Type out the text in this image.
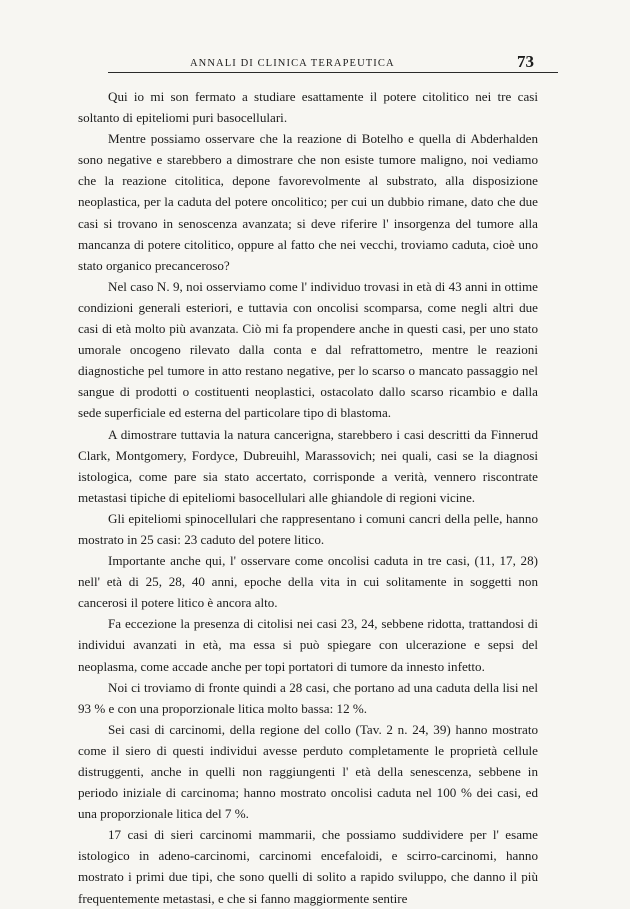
ANNALI DI CLINICA TERAPEUTICA	73

Qui io mi son fermato a studiare esattamente il potere citolitico nei tre casi soltanto di epiteliomi puri basocellulari.

Mentre possiamo osservare che la reazione di Botelho e quella di Abderhalden sono negative e starebbero a dimostrare che non esiste tumore maligno, noi vediamo che la reazione citolitica, depone favorevolmente al substrato, alla disposizione neoplastica, per la caduta del potere oncolitico; per cui un dubbio rimane, dato che due casi si trovano in senoscenza avanzata; si deve riferire l' insorgenza del tumore alla mancanza di potere citolitico, oppure al fatto che nei vecchi, troviamo caduta, cioè uno stato organico precanceroso?

Nel caso N. 9, noi osserviamo come l' individuo trovasi in età di 43 anni in ottime condizioni generali esteriori, e tuttavia con oncolisi scomparsa, come negli altri due casi di età molto più avanzata. Ciò mi fa propendere anche in questi casi, per uno stato umorale oncogeno rilevato dalla conta e dal refrattometro, mentre le reazioni diagnostiche pel tumore in atto restano negative, per lo scarso o mancato passaggio nel sangue di prodotti o costituenti neoplastici, ostacolato dallo scarso ricambio e dalla sede superficiale ed esterna del particolare tipo di blastoma.

A dimostrare tuttavia la natura cancerigna, starebbero i casi descritti da Finnerud Clark, Montgomery, Fordyce, Dubreuihl, Marassovich; nei quali, casi se la diagnosi istologica, come pare sia stato accertato, corrisponde a verità, vennero riscontrate metastasi tipiche di epiteliomi basocellulari alle ghiandole di regioni vicine.

Gli epiteliomi spinocellulari che rappresentano i comuni cancri della pelle, hanno mostrato in 25 casi: 23 caduto del potere litico.

Importante anche qui, l' osservare come oncolisi caduta in tre casi, (11, 17, 28) nell' età di 25, 28, 40 anni, epoche della vita in cui solitamente in soggetti non cancerosi il potere litico è ancora alto.

Fa eccezione la presenza di citolisi nei casi 23, 24, sebbene ridotta, trattandosi di individui avanzati in età, ma essa si può spiegare con ulcerazione e sepsi del neoplasma, come accade anche per topi portatori di tumore da innesto infetto.

Noi ci troviamo di fronte quindi a 28 casi, che portano ad una caduta della lisi nel 93 % e con una proporzionale litica molto bassa: 12 %.

Sei casi di carcinomi, della regione del collo (Tav. 2 n. 24, 39) hanno mostrato come il siero di questi individui avesse perduto completamente le proprietà cellule distruggenti, anche in quelli non raggiungenti l' età della senescenza, sebbene in periodo iniziale di carcinoma; hanno mostrato oncolisi caduta nel 100 % dei casi, ed una proporzionale litica del 7 %.

17 casi di sieri carcinomi mammarii, che possiamo suddividere per l' esame istologico in adeno-carcinomi, carcinomi encefaloidi, e scirro-carcinomi, hanno mostrato i primi due tipi, che sono quelli di solito a rapido sviluppo, che danno il più frequentemente metastasi, e che si fanno maggiormente sentire
